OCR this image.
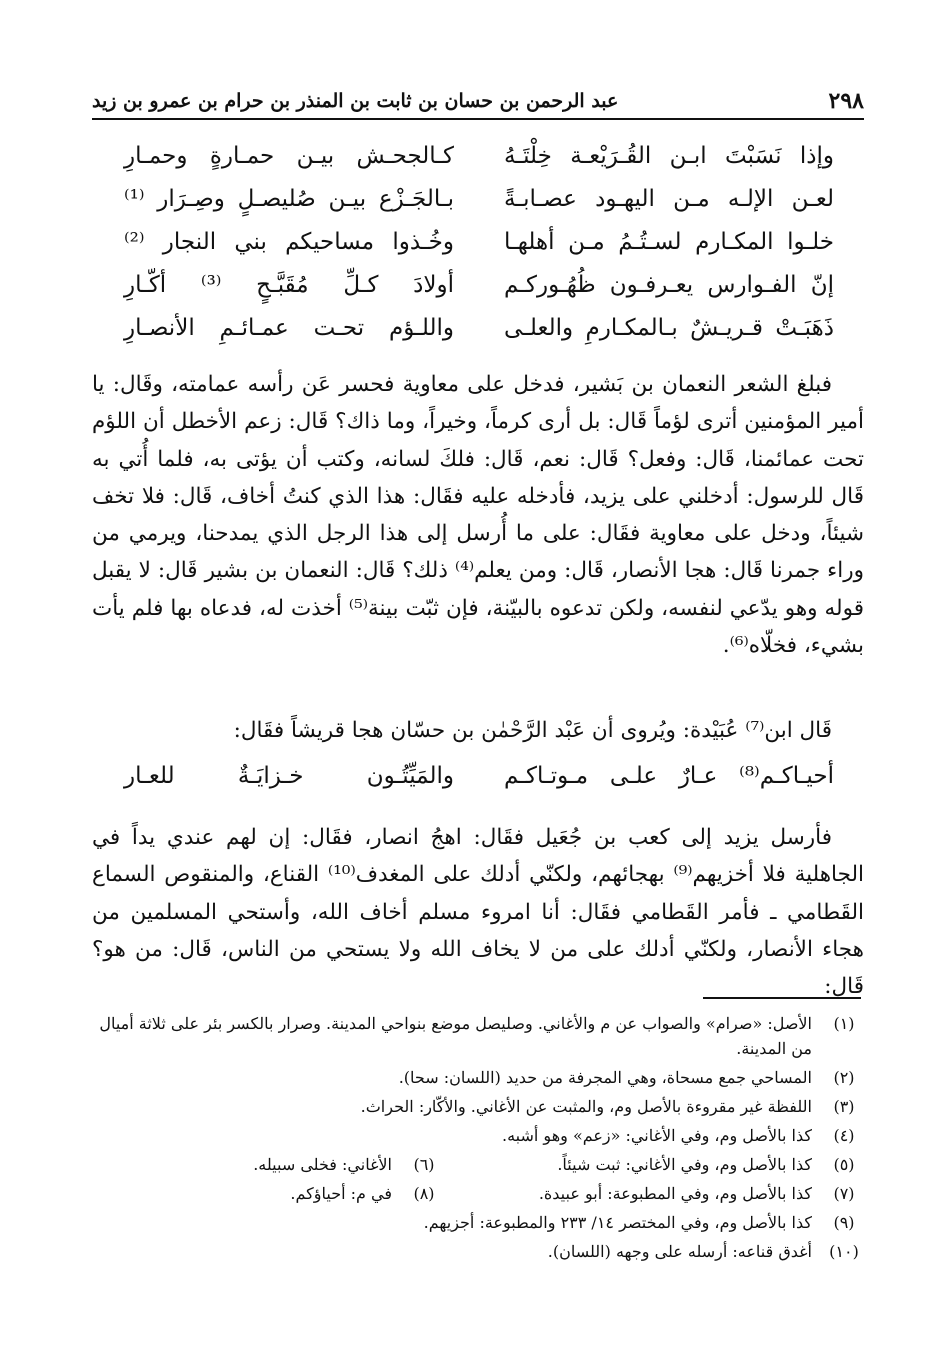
٢٩٨
عبد الرحمن بن حسان بن ثابت بن المنذر بن حرام بن عمرو بن زيد
وإذا نَسَبْتَ ابـن القُـرَيْعـة خِلْتَـهُ
كـالجحـش بيـن حمـارةٍ وحمـارِ
لعـن الإلـه مـن اليهـود عصـابـةً
بـالجَـزْع بيـن صُليصـلٍ وصِـرَار ⁽¹⁾
خلـوا المكـارم لسـتُـمُ مـن أهلهـا
وخُـذوا مساحيكم بني النجار ⁽²⁾
إنّ الفـوارس يعـرفـون ظُهُـوركـم
أولادَ كـلِّ مُقَبَّـحٍ ⁽³⁾ أكّـارِ
ذَهَبَـتْ قـريـشٌ بـالمكـارمِ والعلـى
واللـؤم تحـت عمـائـمِ الأنصـارِ

فبلغ الشعر النعمان بن بَشير، فدخل على معاوية فحسر عَن رأسه عمامته، وقَال: يا أمير المؤمنين أترى لؤماً قَال: بل أرى كرماً، وخيراً، وما ذاك؟ قَال: زعم الأخطل أن اللؤم تحت عمائمنا، قَال: وفعل؟ قَال: نعم، قَال: فلكَ لسانه، وكتب أن يؤتى به، فلما أُتي به قَال للرسول: أدخلني على يزيد، فأدخله عليه فقَال: هذا الذي كنتُ أخاف، قَال: فلا تخف شيئاً، ودخل على معاوية فقَال: على ما أُرسل إلى هذا الرجل الذي يمدحنا، ويرمي من وراء جمرنا قَال: هجا الأنصار، قَال: ومن يعلم⁽⁴⁾ ذلك؟ قَال: النعمان بن بشير قَال: لا يقبل قوله وهو يدّعي لنفسه، ولكن تدعوه بالبيّنة، فإن ثبّت بينة⁽⁵⁾ أخذت له، فدعاه بها فلم يأت بشيء، فخلّاه⁽⁶⁾.

قَال ابن⁽⁷⁾ عُبَيْدة: ويُروى أن عَبْد الرَّحْمٰن بن حسّان هجا قريشاً فقَال:

أحيـاكـم⁽⁸⁾ عـارٌ علـى مـوتـاكـم
والمَيِّتُـون خـزايَـةٌ للعـار

فأرسل يزيد إلى كعب بن جُعَيل فقَال: اهجُ انصار، فقَال: إن لهم عندي يداً في الجاهلية فلا أخزيهم⁽⁹⁾ بهجائهم، ولكنّي أدلك على المغدف⁽¹⁰⁾ القناع، والمنقوص السماع القَطامي ـ فأمر القَطامي فقَال: أنا امروء مسلم أخاف الله، وأستحي المسلمين من هجاء الأنصار، ولكنّي أدلك على من لا يخاف الله ولا يستحي من الناس، قَال: من هو؟ قَال:

(١)
الأصل: «صرام» والصواب عن م والأغاني. وصليصل موضع بنواحي المدينة. وصرار بالكسر بئر على ثلاثة أميال من المدينة.
(٢)
المساحي جمع مسحاة، وهي المجرفة من حديد (اللسان: سحا).
(٣)
اللفظة غير مقروءة بالأصل وم، والمثبت عن الأغاني. والأكّار: الحراث.
(٤)
كذا بالأصل وم، وفي الأغاني: «زعم» وهو أشبه.
(٥)
كذا بالأصل وم، وفي الأغاني: ثبت شيئاً.
(٦)
الأغاني: فخلى سبيله.
(٧)
كذا بالأصل وم، وفي المطبوعة: أبو عبيدة.
(٨)
في م: أحياؤكم.
(٩)
كذا بالأصل وم، وفي المختصر ١٤/ ٢٣٣ والمطبوعة: أجزيهم.
(١٠)
أغدق قناعه: أرسله على وجهه (اللسان).
